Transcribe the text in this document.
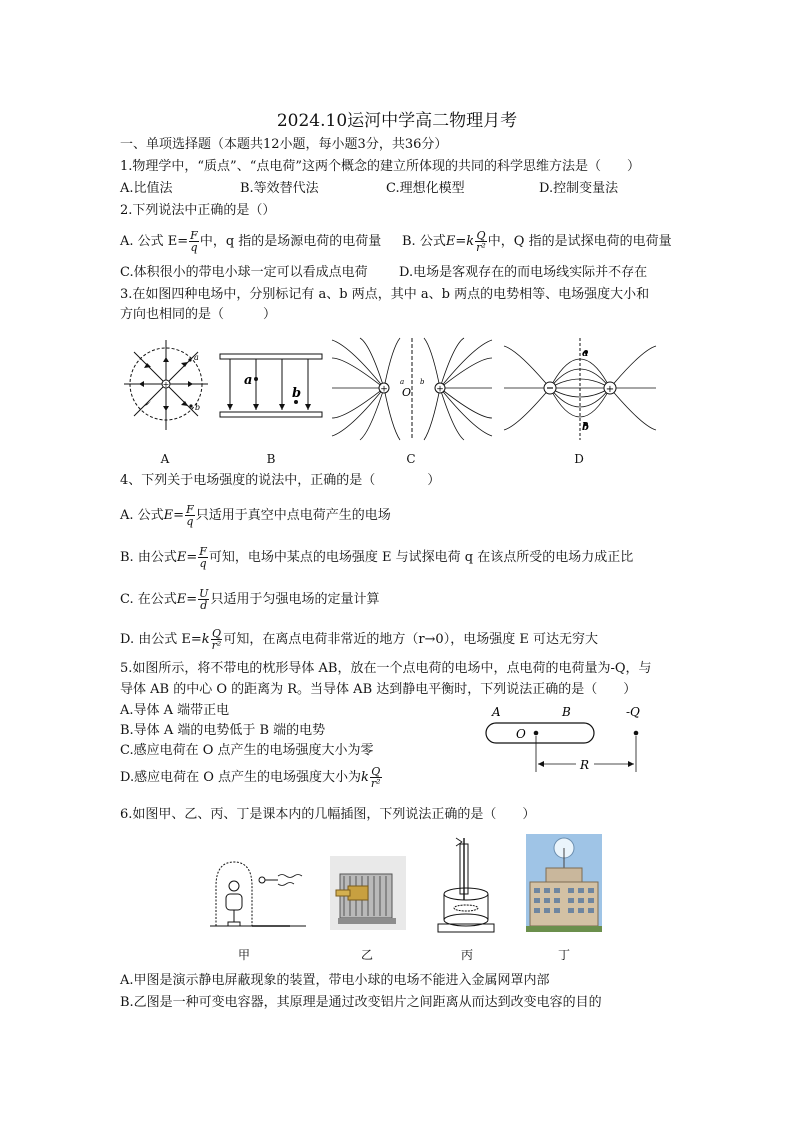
2024.10运河中学高二物理月考
一、单项选择题（本题共12小题，每小题3分，共36分）
1.物理学中，“质点”、“点电荷”这两个概念的建立所体现的共同的科学思维方法是（　　）
A.比值法	B.等效替代法	C.理想化模型	D.控制变量法
2.下列说法中正确的是（）
A. 公式 $E= \frac{F}{q}$ 中，q 指的是场源电荷的电荷量 B. 公式$E=k \frac{Q}{\text{r²}}$ 中，Q 指的是试探电荷的电荷量
C.体积很小的带电小球一定可以看成点电荷 D.电场是客观存在的而电场线实际并不存在
3.在如图四种电场中，分别标记有 a、b 两点，其中 a、b 两点的电势相等、电场强度大小和
方向也相同的是（　　　）
+
a
b
a
b	+	+
O
a b
+
a
b
A	B	C	D
4、下列关于电场强度的说法中，正确的是（　　　　）
A. 公式$E= \frac{F}{q}$ 只适用于真空中点电荷产生的电场
B. 由公式$E= \frac{F}{q}$ 可知，电场中某点的电场强度 E 与试探电荷 q 在该点所受的电场力成正比
C. 在公式$E= \frac{U}{d}$ 只适用于匀强电场的定量计算
D. 由公式 $E=k \frac{Q}{\text{r²}}$ 可知，在离点电荷非常近的地方（r→0），电场强度 E 可达无穷大
5.如图所示，将不带电的枕形导体 AB，放在一个点电荷的电场中，点电荷的电荷量为-Q，与
导体 AB 的中心 O 的距离为 R。当导体 AB 达到静电平衡时，下列说法正确的是（　　）
A.导体 A 端带正电
B.导体 A 端的电势低于 B 端的电势
C.感应电荷在 O 点产生的电场强度大小为零
D.感应电荷在 O 点产生的电场强度大小为k $\frac{Q}{\text{r²}}$
A	B	-Q
O
R
6.如图甲、乙、丙、丁是课本内的几幅插图，下列说法正确的是（　　）
甲	乙	丙	丁
A.甲图是演示静电屏蔽现象的装置，带电小球的电场不能进入金属网罩内部
B.乙图是一种可变电容器，其原理是通过改变铝片之间距离从而达到改变电容的目的
